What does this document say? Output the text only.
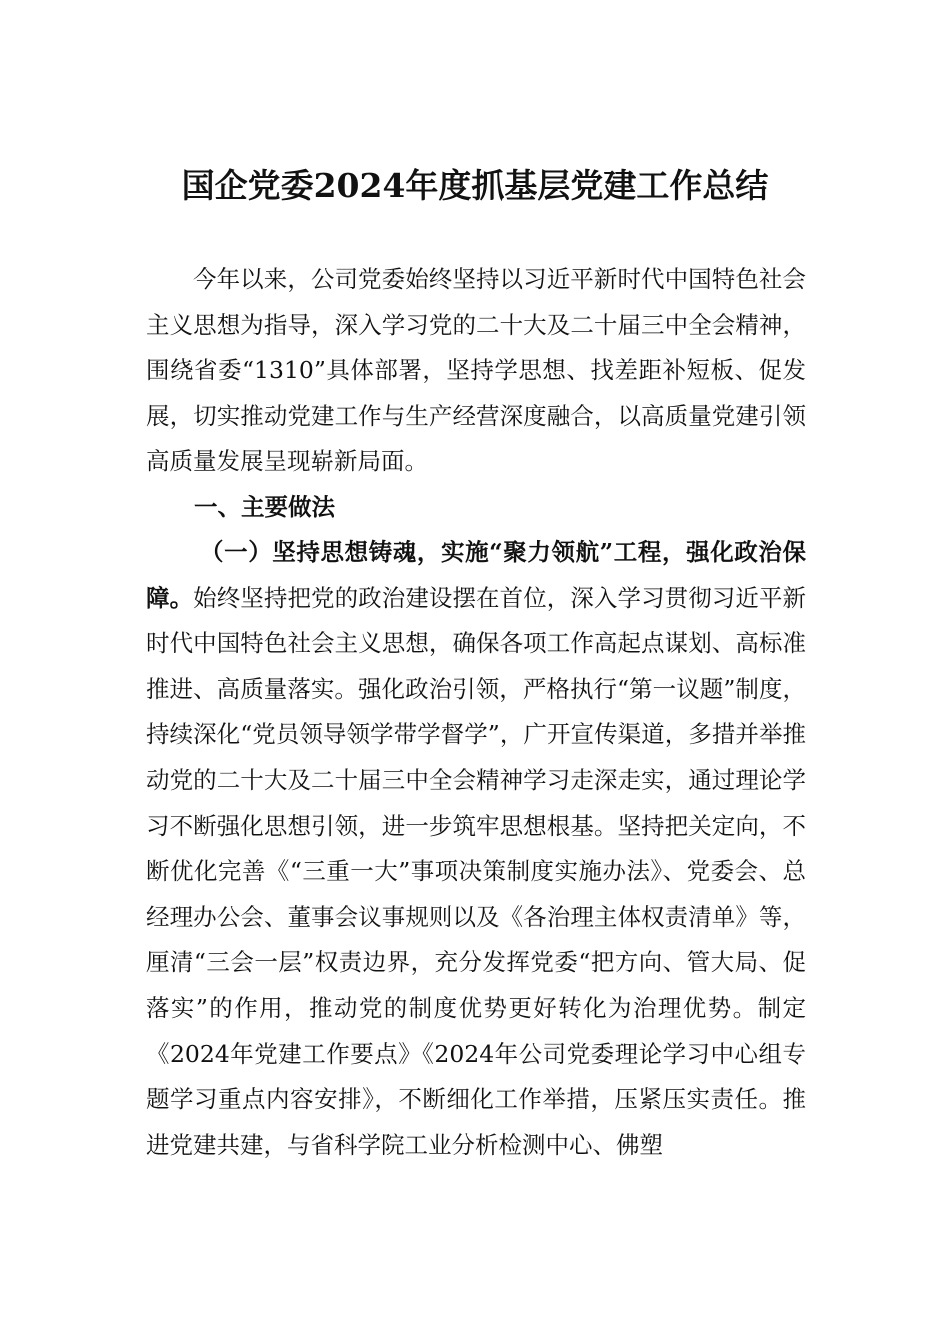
国企党委2024年度抓基层党建工作总结
今年以来，公司党委始终坚持以习近平新时代中国特色社会主义思想为指导，深入学习党的二十大及二十届三中全会精神，围绕省委“1310”具体部署，坚持学思想、找差距补短板、促发展，切实推动党建工作与生产经营深度融合，以高质量党建引领高质量发展呈现崭新局面。
一、主要做法
（一）坚持思想铸魂，实施“聚力领航”工程，强化政治保障。始终坚持把党的政治建设摆在首位，深入学习贯彻习近平新时代中国特色社会主义思想，确保各项工作高起点谋划、高标准推进、高质量落实。强化政治引领，严格执行“第一议题”制度，持续深化“党员领导领学带学督学”，广开宣传渠道，多措并举推动党的二十大及二十届三中全会精神学习走深走实，通过理论学习不断强化思想引领，进一步筑牢思想根基。坚持把关定向，不断优化完善《“三重一大”事项决策制度实施办法》、党委会、总经理办公会、董事会议事规则以及《各治理主体权责清单》等，厘清“三会一层”权责边界，充分发挥党委“把方向、管大局、促落实”的作用，推动党的制度优势更好转化为治理优势。制定《2024年党建工作要点》《2024年公司党委理论学习中心组专题学习重点内容安排》，不断细化工作举措，压紧压实责任。推进党建共建，与省科学院工业分析检测中心、佛塑
